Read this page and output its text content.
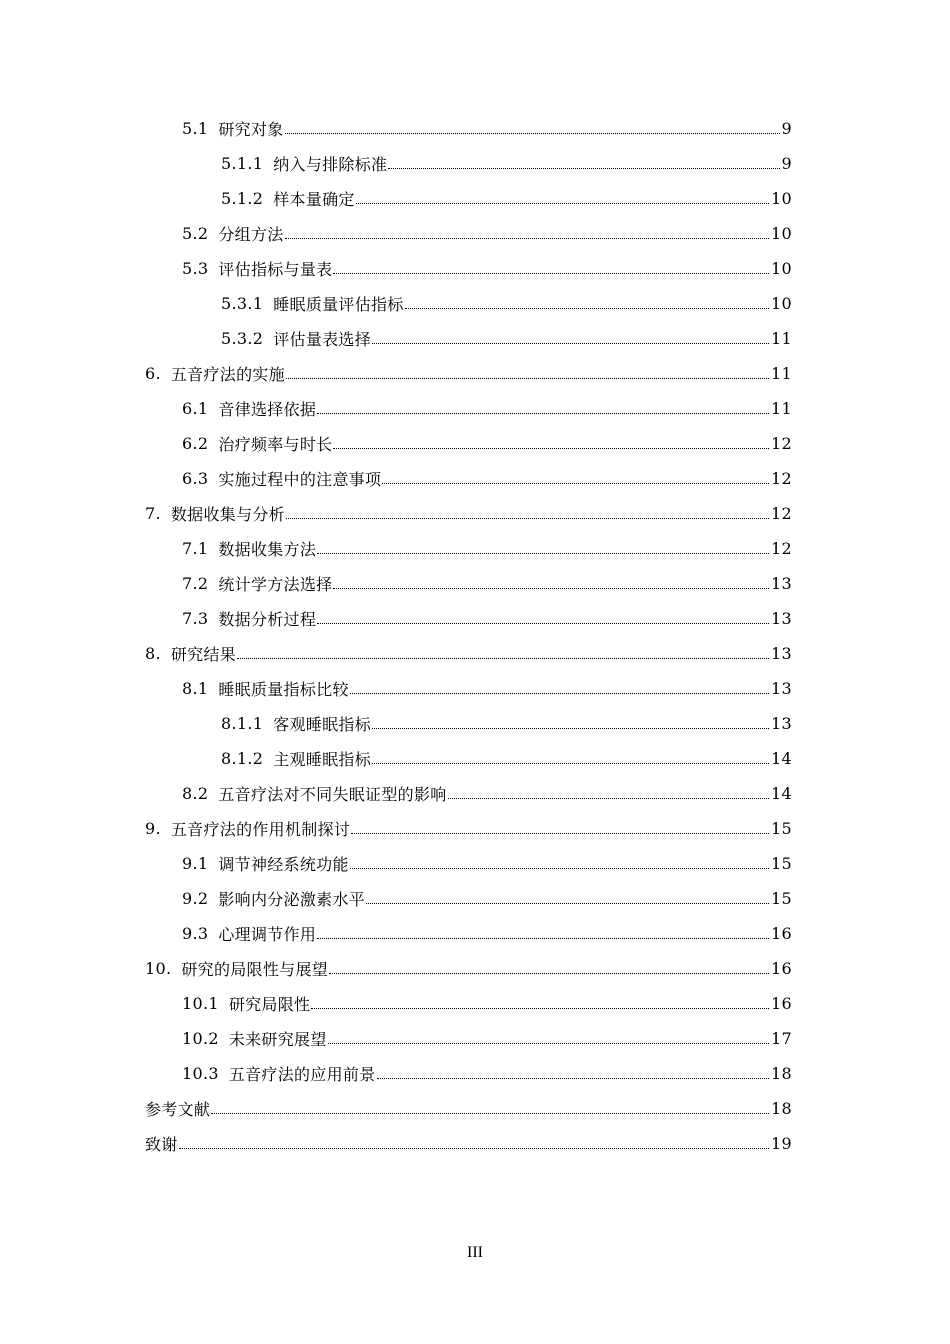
5.1 研究对象	9
5.1.1 纳入与排除标准	9
5.1.2 样本量确定	10
5.2 分组方法	10
5.3 评估指标与量表	10
5.3.1 睡眠质量评估指标	10
5.3.2 评估量表选择	11
6. 五音疗法的实施	11
6.1 音律选择依据	11
6.2 治疗频率与时长	12
6.3 实施过程中的注意事项	12
7. 数据收集与分析	12
7.1 数据收集方法	12
7.2 统计学方法选择	13
7.3 数据分析过程	13
8. 研究结果	13
8.1 睡眠质量指标比较	13
8.1.1 客观睡眠指标	13
8.1.2 主观睡眠指标	14
8.2 五音疗法对不同失眠证型的影响	14
9. 五音疗法的作用机制探讨	15
9.1 调节神经系统功能	15
9.2 影响内分泌激素水平	15
9.3 心理调节作用	16
10. 研究的局限性与展望	16
10.1 研究局限性	16
10.2 未来研究展望	17
10.3 五音疗法的应用前景	18
参考文献	18
致谢	19
III
